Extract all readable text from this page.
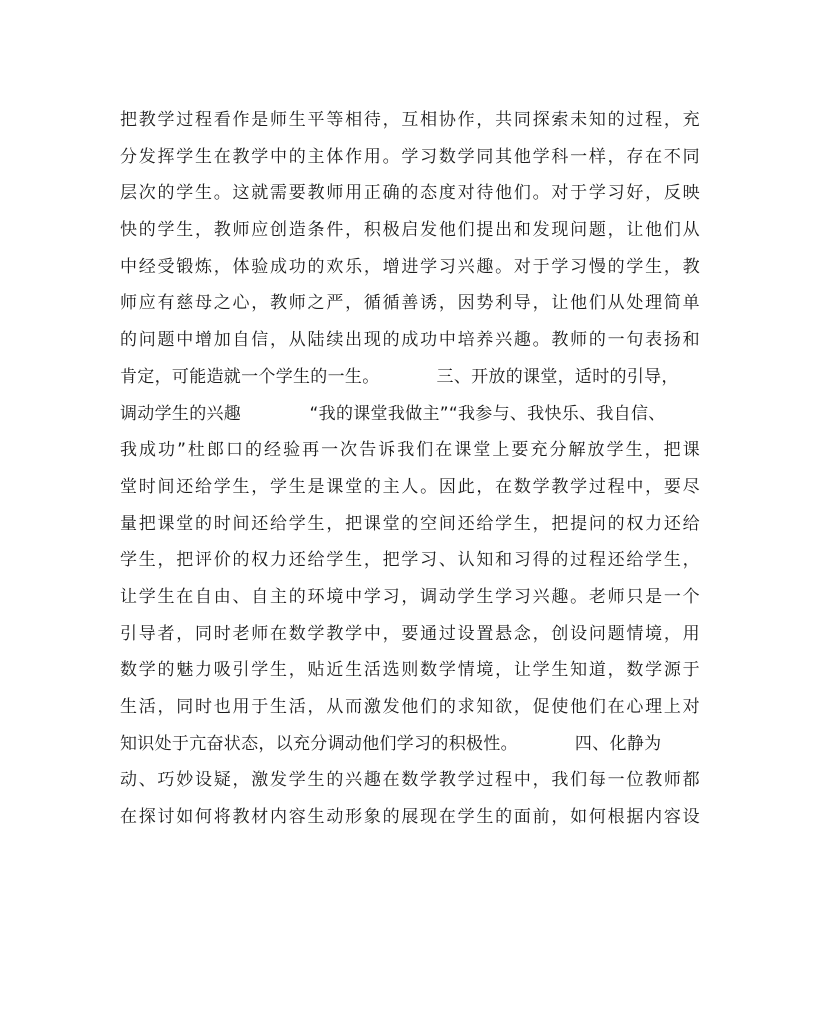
把教学过程看作是师生平等相待，互相协作，共同探索未知的过程，充
分发挥学生在教学中的主体作用。学习数学同其他学科一样，存在不同
层次的学生。这就需要教师用正确的态度对待他们。对于学习好，反映
快的学生，教师应创造条件，积极启发他们提出和发现问题，让他们从
中经受锻炼，体验成功的欢乐，增进学习兴趣。对于学习慢的学生，教
师应有慈母之心，教师之严，循循善诱，因势利导，让他们从处理简单
的问题中增加自信，从陆续出现的成功中培养兴趣。教师的一句表扬和
肯定，可能造就一个学生的一生。          三、开放的课堂，适时的引导，
调动学生的兴趣            “我的课堂我做主”“我参与、我快乐、我自信、
我成功”杜郎口的经验再一次告诉我们在课堂上要充分解放学生，把课
堂时间还给学生，学生是课堂的主人。因此，在数学教学过程中，要尽
量把课堂的时间还给学生，把课堂的空间还给学生，把提问的权力还给
学生，把评价的权力还给学生，把学习、认知和习得的过程还给学生，
让学生在自由、自主的环境中学习，调动学生学习兴趣。老师只是一个
引导者，同时老师在数学教学中，要通过设置悬念，创设问题情境，用
数学的魅力吸引学生，贴近生活选则数学情境，让学生知道，数学源于
生活，同时也用于生活，从而激发他们的求知欲，促使他们在心理上对
知识处于亢奋状态，以充分调动他们学习的积极性。          四、化静为
动、巧妙设疑，激发学生的兴趣在数学教学过程中，我们每一位教师都
在探讨如何将教材内容生动形象的展现在学生的面前，如何根据内容设
